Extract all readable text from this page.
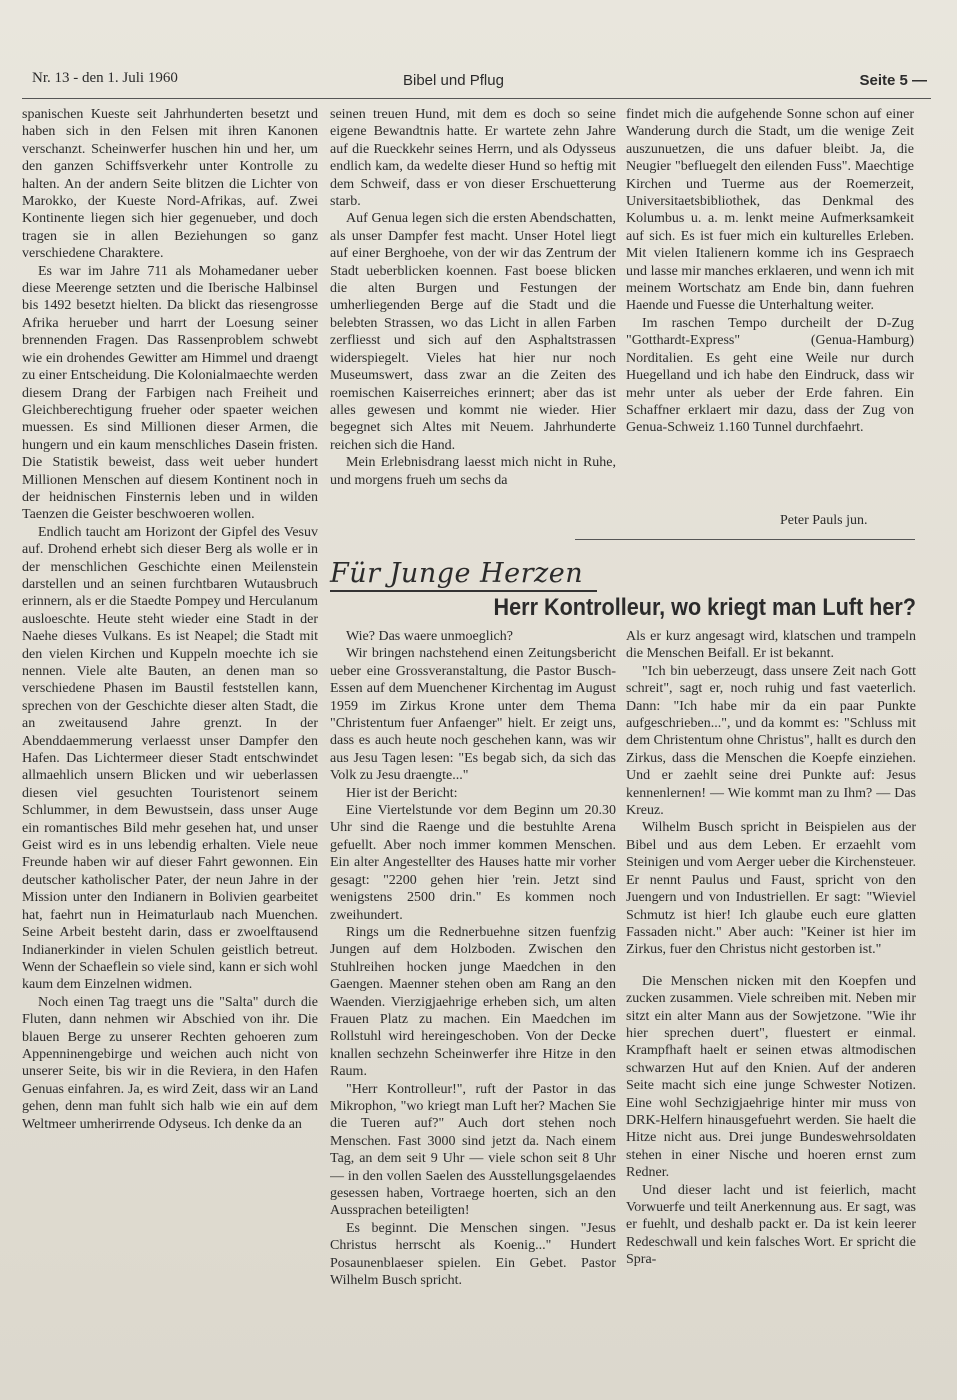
Nr. 13 - den 1. Juli 1960	Bibel und Pflug	Seite 5 —

spanischen Kueste seit Jahrhunderten besetzt und haben sich in den Felsen mit ihren Kanonen verschanzt. Scheinwerfer huschen hin und her, um den ganzen Schiffsverkehr unter Kontrolle zu halten. An der andern Seite blitzen die Lichter von Marokko, der Kueste Nord-Afrikas, auf. Zwei Kontinente liegen sich hier gegenueber, und doch tragen sie in allen Beziehungen so ganz verschiedene Charaktere.

Es war im Jahre 711 als Mohamedaner ueber diese Meerenge setzten und die Iberische Halbinsel bis 1492 besetzt hielten. Da blickt das riesengrosse Afrika herueber und harrt der Loesung seiner brennenden Fragen. Das Rassenproblem schwebt wie ein drohendes Gewitter am Himmel und draengt zu einer Entscheidung. Die Kolonialmaechte werden diesem Drang der Farbigen nach Freiheit und Gleichberechtigung frueher oder spaeter weichen muessen. Es sind Millionen dieser Armen, die hungern und ein kaum menschliches Dasein fristen. Die Statistik beweist, dass weit ueber hundert Millionen Menschen auf diesem Kontinent noch in der heidnischen Finsternis leben und in wilden Taenzen die Geister beschwoeren wollen.

Endlich taucht am Horizont der Gipfel des Vesuv auf. Drohend erhebt sich dieser Berg als wolle er in der menschlichen Geschichte einen Meilenstein darstellen und an seinen furchtbaren Wutausbruch erinnern, als er die Staedte Pompey und Herculanum ausloeschte. Heute steht wieder eine Stadt in der Naehe dieses Vulkans. Es ist Neapel; die Stadt mit den vielen Kirchen und Kuppeln moechte ich sie nennen. Viele alte Bauten, an denen man so verschiedene Phasen im Baustil feststellen kann, sprechen von der Geschichte dieser alten Stadt, die an zweitausend Jahre grenzt. In der Abenddaemmerung verlaesst unser Dampfer den Hafen. Das Lichtermeer dieser Stadt entschwindet allmaehlich unsern Blicken und wir ueberlassen diesen viel gesuchten Touristenort seinem Schlummer, in dem Bewustsein, dass unser Auge ein romantisches Bild mehr gesehen hat, und unser Geist wird es in uns lebendig erhalten. Viele neue Freunde haben wir auf dieser Fahrt gewonnen. Ein deutscher katholischer Pater, der neun Jahre in der Mission unter den Indianern in Bolivien gearbeitet hat, faehrt nun in Heimaturlaub nach Muenchen. Seine Arbeit besteht darin, dass er zwoelftausend Indianerkinder in vielen Schulen geistlich betreut. Wenn der Schaeflein so viele sind, kann er sich wohl kaum dem Einzelnen widmen.

Noch einen Tag traegt uns die "Salta" durch die Fluten, dann nehmen wir Abschied von ihr. Die blauen Berge zu unserer Rechten gehoeren zum Appenninengebirge und weichen auch nicht von unserer Seite, bis wir in die Reviera, in den Hafen Genuas einfahren. Ja, es wird Zeit, dass wir an Land gehen, denn man fuhlt sich halb wie ein auf dem Weltmeer umherirrende Odyseus. Ich denke da an

seinen treuen Hund, mit dem es doch so seine eigene Bewandtnis hatte. Er wartete zehn Jahre auf die Rueckkehr seines Herrn, und als Odysseus endlich kam, da wedelte dieser Hund so heftig mit dem Schweif, dass er von dieser Erschuetterung starb.

Auf Genua legen sich die ersten Abendschatten, als unser Dampfer fest macht. Unser Hotel liegt auf einer Berghoehe, von der wir das Zentrum der Stadt ueberblicken koennen. Fast boese blicken die alten Burgen und Festungen der umherliegenden Berge auf die Stadt und die belebten Strassen, wo das Licht in allen Farben zerfliesst und sich auf den Asphaltstrassen widerspiegelt. Vieles hat hier nur noch Museumswert, dass zwar an die Zeiten des roemischen Kaiserreiches erinnert; aber das ist alles gewesen und kommt nie wieder. Hier begegnet sich Altes mit Neuem. Jahrhunderte reichen sich die Hand.

Mein Erlebnisdrang laesst mich nicht in Ruhe, und morgens frueh um sechs da

findet mich die aufgehende Sonne schon auf einer Wanderung durch die Stadt, um die wenige Zeit auszunuetzen, die uns dafuer bleibt. Ja, die Neugier "befluegelt den eilenden Fuss". Maechtige Kirchen und Tuerme aus der Roemerzeit, Universitaetsbibliothek, das Denkmal des Kolumbus u. a. m. lenkt meine Aufmerksamkeit auf sich. Es ist fuer mich ein kulturelles Erleben. Mit vielen Italienern komme ich ins Gespraech und lasse mir manches erklaeren, und wenn ich mit meinem Wortschatz am Ende bin, dann fuehren Haende und Fuesse die Unterhaltung weiter.

Im raschen Tempo durcheilt der D-Zug "Gotthardt-Express" (Genua-Hamburg) Norditalien. Es geht eine Weile nur durch Huegelland und ich habe den Eindruck, dass wir mehr unter als ueber der Erde fahren. Ein Schaffner erklaert mir dazu, dass der Zug von Genua-Schweiz 1.160 Tunnel durchfaehrt.

Peter Pauls jun.
Für Junge Herzen
Herr Kontrolleur, wo kriegt man Luft her?

Wie? Das waere unmoeglich?

Wir bringen nachstehend einen Zeitungsbericht ueber eine Grossveranstaltung, die Pastor Busch-Essen auf dem Muenchener Kirchentag im August 1959 im Zirkus Krone unter dem Thema "Christentum fuer Anfaenger" hielt. Er zeigt uns, dass es auch heute noch geschehen kann, was wir aus Jesu Tagen lesen: "Es begab sich, da sich das Volk zu Jesu draengte..."

Hier ist der Bericht:

Eine Viertelstunde vor dem Beginn um 20.30 Uhr sind die Raenge und die bestuhlte Arena gefuellt. Aber noch immer kommen Menschen. Ein alter Angestellter des Hauses hatte mir vorher gesagt: "2200 gehen hier 'rein. Jetzt sind wenigstens 2500 drin." Es kommen noch zweihundert.

Rings um die Rednerbuehne sitzen fuenfzig Jungen auf dem Holzboden. Zwischen den Stuhlreihen hocken junge Maedchen in den Gaengen. Maenner stehen oben am Rang an den Waenden. Vierzigjaehrige erheben sich, um alten Frauen Platz zu machen. Ein Maedchen im Rollstuhl wird hereingeschoben. Von der Decke knallen sechzehn Scheinwerfer ihre Hitze in den Raum.

"Herr Kontrolleur!", ruft der Pastor in das Mikrophon, "wo kriegt man Luft her? Machen Sie die Tueren auf?" Auch dort stehen noch Menschen. Fast 3000 sind jetzt da. Nach einem Tag, an dem seit 9 Uhr — viele schon seit 8 Uhr — in den vollen Saelen des Ausstellungsgelaendes gesessen haben, Vortraege hoerten, sich an den Aussprachen beteiligten!

Es beginnt. Die Menschen singen. "Jesus Christus herrscht als Koenig..." Hundert Posaunenblaeser spielen. Ein Gebet. Pastor Wilhelm Busch spricht.

Als er kurz angesagt wird, klatschen und trampeln die Menschen Beifall. Er ist bekannt.

"Ich bin ueberzeugt, dass unsere Zeit nach Gott schreit", sagt er, noch ruhig und fast vaeterlich. Dann: "Ich habe mir da ein paar Punkte aufgeschrieben...", und da kommt es: "Schluss mit dem Christentum ohne Christus", hallt es durch den Zirkus, dass die Menschen die Koepfe einziehen. Und er zaehlt seine drei Punkte auf: Jesus kennenlernen! — Wie kommt man zu Ihm? — Das Kreuz.

Wilhelm Busch spricht in Beispielen aus der Bibel und aus dem Leben. Er erzaehlt vom Steinigen und vom Aerger ueber die Kirchensteuer. Er nennt Paulus und Faust, spricht von den Juengern und von Industriellen. Er sagt: "Wieviel Schmutz ist hier! Ich glaube euch eure glatten Fassaden nicht." Aber auch: "Keiner ist hier im Zirkus, fuer den Christus nicht gestorben ist."

Die Menschen nicken mit den Koepfen und zucken zusammen. Viele schreiben mit. Neben mir sitzt ein alter Mann aus der Sowjetzone. "Wie ihr hier sprechen duert", fluestert er einmal. Krampfhaft haelt er seinen etwas altmodischen schwarzen Hut auf den Knien. Auf der anderen Seite macht sich eine junge Schwester Notizen. Eine wohl Sechzigjaehrige hinter mir muss von DRK-Helfern hinausgefuehrt werden. Sie haelt die Hitze nicht aus. Drei junge Bundeswehrsoldaten stehen in einer Nische und hoeren ernst zum Redner.

Und dieser lacht und ist feierlich, macht Vorwuerfe und teilt Anerkennung aus. Er sagt, was er fuehlt, und deshalb packt er. Da ist kein leerer Redeschwall und kein falsches Wort. Er spricht die Spra-
